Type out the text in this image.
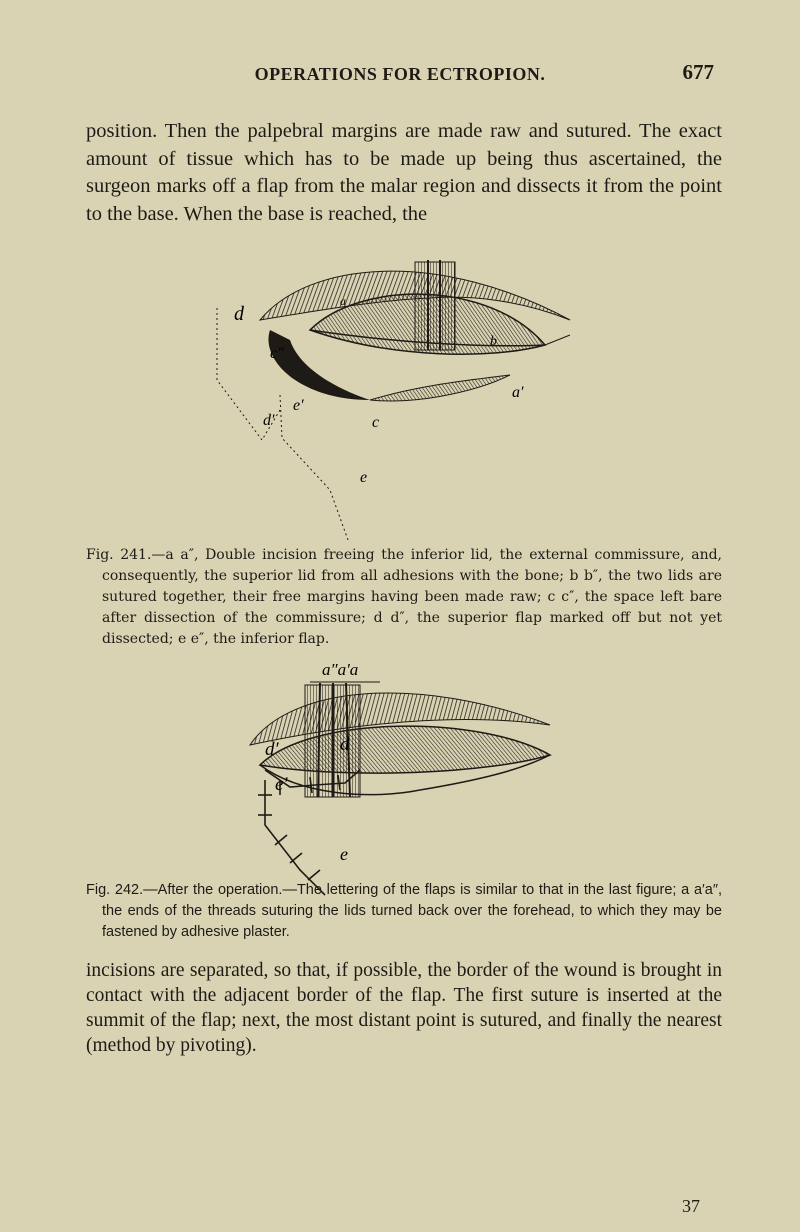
OPERATIONS FOR ECTROPION.	677

position. Then the palpebral margins are made raw and sutured. The exact amount of tissue which has to be made up being thus ascertained, the surgeon marks off a flap from the malar region and dissects it from the point to the base. When the base is reached, the

d
a
c″
b
a′
e′
d′	c
e

Fig. 241.—a a″, Double incision freeing the inferior lid, the external commissure, and, consequently, the superior lid from all adhesions with the bone; b b″, the two lids are sutured together, their free margins having been made raw; c c″, the space left bare after dissection of the commissure; d d″, the superior flap marked off but not yet dissected; e e″, the inferior flap.

a″a′a
d′	d
e′
e

Fig. 242.—After the operation.—The lettering of the flaps is similar to that in the last figure; a a′a″, the ends of the threads suturing the lids turned back over the forehead, to which they may be fastened by adhesive plaster.

incisions are separated, so that, if possible, the border of the wound is brought in contact with the adjacent border of the flap. The first suture is inserted at the summit of the flap; next, the most distant point is sutured, and finally the nearest (method by pivoting).

37
